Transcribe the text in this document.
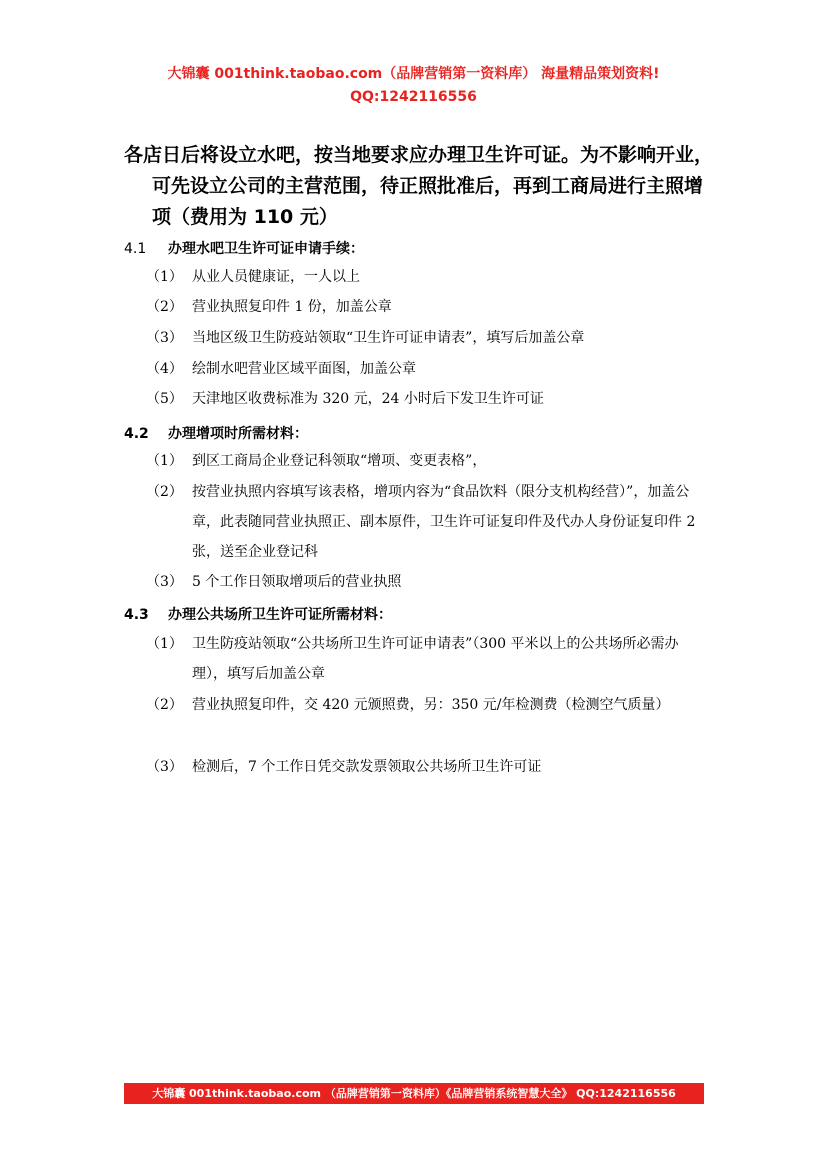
大锦囊 001think.taobao.com（品牌营销第一资料库） 海量精品策划资料!
QQ:1242116556
各店日后将设立水吧，按当地要求应办理卫生许可证。为不影响开业，
可先设立公司的主营范围，待正照批准后，再到工商局进行主照增项（费用为 110 元）
4.1 办理水吧卫生许可证申请手续：
（1） 从业人员健康证，一人以上
（2） 营业执照复印件 1 份，加盖公章
（3） 当地区级卫生防疫站领取“卫生许可证申请表”，填写后加盖公章
（4） 绘制水吧营业区域平面图，加盖公章
（5） 天津地区收费标准为 320 元，24 小时后下发卫生许可证
4.2 办理增项时所需材料：
（1） 到区工商局企业登记科领取“增项、变更表格”，
（2） 按营业执照内容填写该表格，增项内容为“食品饮料（限分支机构经营）”，加盖公章，此表随同营业执照正、副本原件，卫生许可证复印件及代办人身份证复印件 2 张，送至企业登记科
（3） 5 个工作日领取增项后的营业执照
4.3 办理公共场所卫生许可证所需材料：
（1） 卫生防疫站领取“公共场所卫生许可证申请表”（300 平米以上的公共场所必需办理），填写后加盖公章
（2） 营业执照复印件，交 420 元颁照费，另：350 元/年检测费（检测空气质量）
（3） 检测后，7 个工作日凭交款发票领取公共场所卫生许可证
大锦囊 001think.taobao.com （品牌营销第一资料库）《品牌营销系统智慧大全》 QQ:1242116556
